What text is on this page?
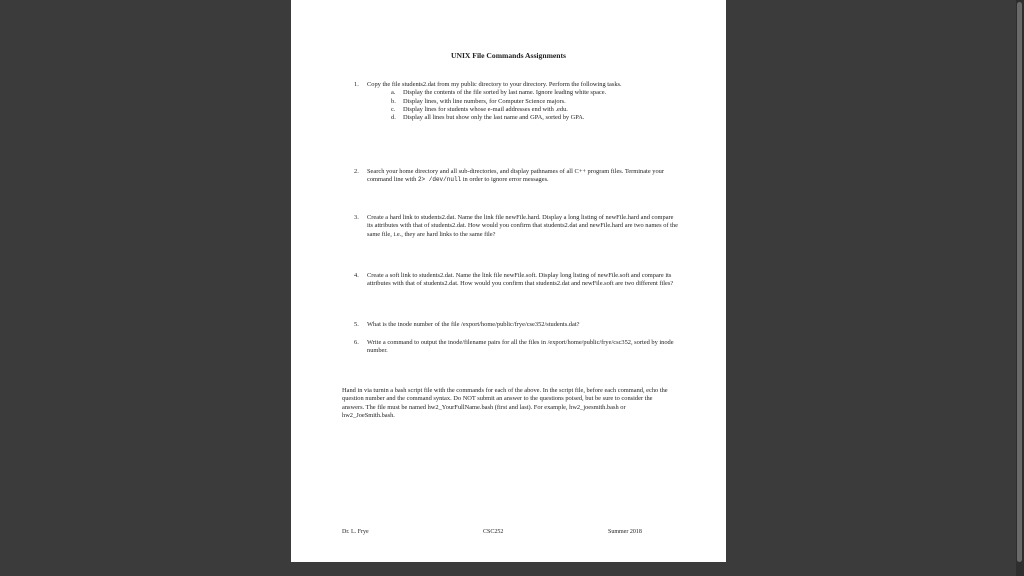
UNIX File Commands Assignments
1. Copy the file students2.dat from my public directory to your directory. Perform the following tasks.
a. Display the contents of the file sorted by last name. Ignore leading white space.
b. Display lines, with line numbers, for Computer Science majors.
c. Display lines for students whose e-mail addresses end with .edu.
d. Display all lines but show only the last name and GPA, sorted by GPA.
2. Search your home directory and all sub-directories, and display pathnames of all C++ program files. Terminate your command line with 2> /dev/null in order to ignore error messages.
3. Create a hard link to students2.dat. Name the link file newFile.hard. Display a long listing of newFile.hard and compare its attributes with that of students2.dat. How would you confirm that students2.dat and newFile.hard are two names of the same file, i.e., they are hard links to the same file?
4. Create a soft link to students2.dat. Name the link file newFile.soft. Display long listing of newFile.soft and compare its attributes with that of students2.dat. How would you confirm that students2.dat and newFile.soft are two different files?
5. What is the inode number of the file /export/home/public/frye/cse352/students.dat?
6. Write a command to output the inode/filename pairs for all the files in /export/home/public/frye/csc352, sorted by inode number.
Hand in via turnin a bash script file with the commands for each of the above. In the script file, before each command, echo the question number and the command syntax. Do NOT submit an answer to the questions poised, but be sure to consider the answers. The file must be named hw2_YourFullName.bash (first and last). For example, hw2_joesmith.bash or hw2_JoeSmith.bash.
Dr. L. Frye	CSC252	Summer 2018
